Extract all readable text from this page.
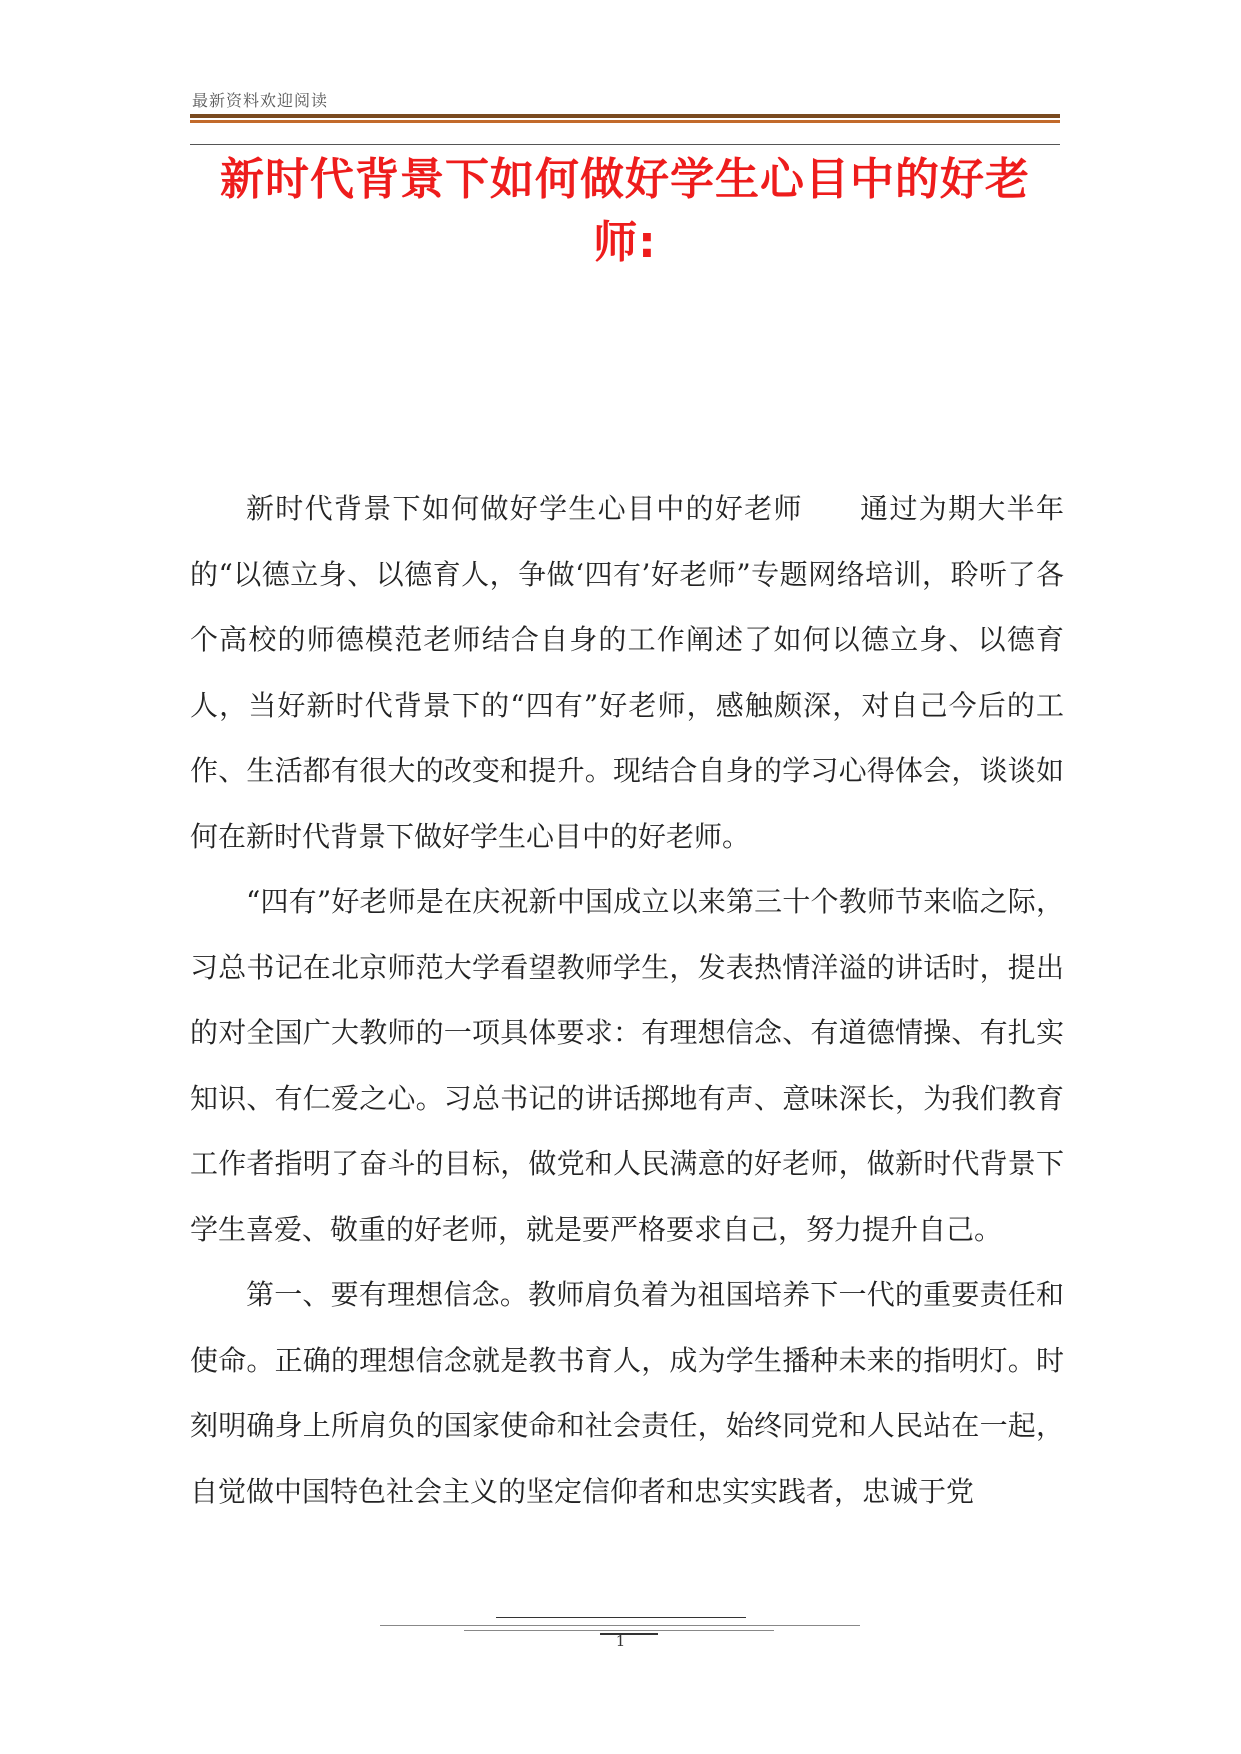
最新资料欢迎阅读
新时代背景下如何做好学生心目中的好老师:

新时代背景下如何做好学生心目中的好老师 通过为期大半年的“以德立身、以德育人，争做‘四有’好老师”专题网络培训，聆听了各个高校的师德模范老师结合自身的工作阐述了如何以德立身、以德育人，当好新时代背景下的“四有”好老师，感触颇深，对自己今后的工作、生活都有很大的改变和提升。现结合自身的学习心得体会，谈谈如何在新时代背景下做好学生心目中的好老师。

“四有”好老师是在庆祝新中国成立以来第三十个教师节来临之际，习总书记在北京师范大学看望教师学生，发表热情洋溢的讲话时，提出的对全国广大教师的一项具体要求：有理想信念、有道德情操、有扎实知识、有仁爱之心。习总书记的讲话掷地有声、意味深长，为我们教育工作者指明了奋斗的目标，做党和人民满意的好老师，做新时代背景下学生喜爱、敬重的好老师，就是要严格要求自己，努力提升自己。

第一、要有理想信念。教师肩负着为祖国培养下一代的重要责任和使命。正确的理想信念就是教书育人，成为学生播种未来的指明灯。时刻明确身上所肩负的国家使命和社会责任，始终同党和人民站在一起，自觉做中国特色社会主义的坚定信仰者和忠实实践者，忠诚于党

1
